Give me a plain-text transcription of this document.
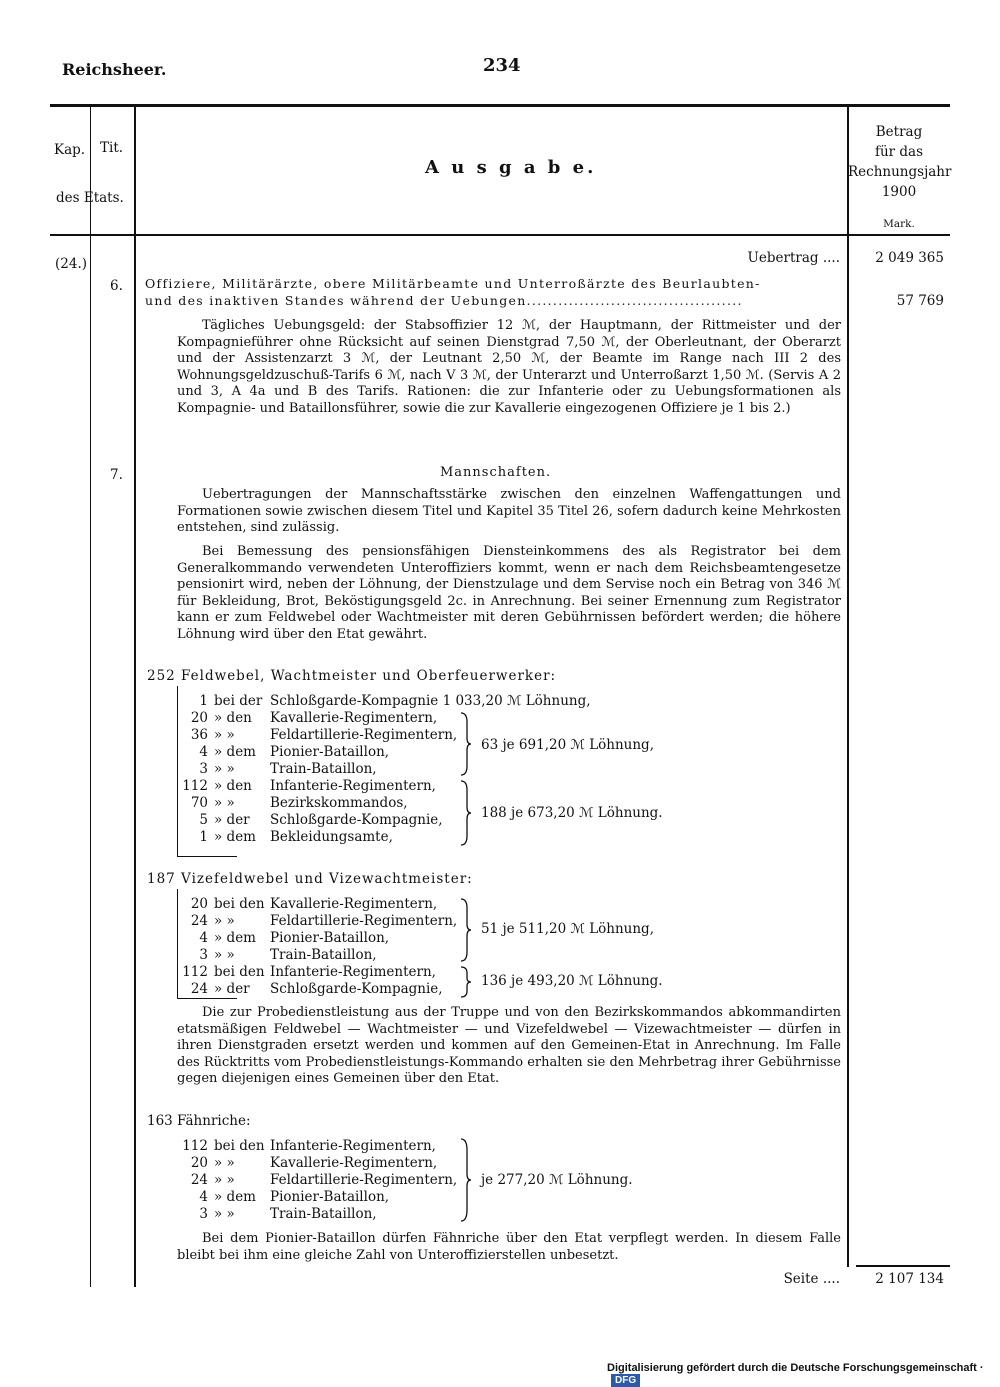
Reichsheer.	234
Kap. Tit.
des Etats.
A u s g a b e.
Betrag
für das
Rechnungsjahr
1900
Mark.
(24.)	Uebertrag ....	2 049 365
6. Offiziere, Militärärzte, obere Militärbeamte und Unterroßärzte des Beurlaubten-
und des inaktiven Standes während der Uebungen.........................................	57 769
Tägliches Uebungsgeld: der Stabsoffizier 12 ℳ, der Hauptmann, der Rittmeister und der Kompagnieführer ohne Rücksicht auf seinen Dienstgrad 7,50 ℳ, der Oberleutnant, der Oberarzt und der Assistenzarzt 3 ℳ, der Leutnant 2,50 ℳ, der Beamte im Range nach III 2 des Wohnungsgeldzuschuß-Tarifs 6 ℳ, nach V 3 ℳ, der Unterarzt und Unterroßarzt 1,50 ℳ. (Servis A 2 und 3, A 4a und B des Tarifs. Rationen: die zur Infanterie oder zu Uebungsformationen als Kompagnie- und Bataillonsführer, sowie die zur Kavallerie eingezogenen Offiziere je 1 bis 2.)
7.	Mannschaften.
Uebertragungen der Mannschaftsstärke zwischen den einzelnen Waffengattungen und Formationen sowie zwischen diesem Titel und Kapitel 35 Titel 26, sofern dadurch keine Mehrkosten entstehen, sind zulässig.
Bei Bemessung des pensionsfähigen Diensteinkommens des als Registrator bei dem Generalkommando verwendeten Unteroffiziers kommt, wenn er nach dem Reichsbeamtengesetze pensionirt wird, neben der Löhnung, der Dienstzulage und dem Servise noch ein Betrag von 346 ℳ für Bekleidung, Brot, Beköstigungsgeld 2c. in Anrechnung. Bei seiner Ernennung zum Registrator kann er zum Feldwebel oder Wachtmeister mit deren Gebührnissen befördert werden; die höhere Löhnung wird über den Etat gewährt.
252 Feldwebel, Wachtmeister und Oberfeuerwerker:
1 bei der Schloßgarde-Kompagnie 1 033,20 ℳ Löhnung,
20 » den Kavallerie-Regimentern,
36 » »	Feldartillerie-Regimentern,
4 » dem Pionier-Bataillon,
3 » »	Train-Bataillon,
112 » den Infanterie-Regimentern,
70 » »	Bezirkskommandos,
5 » der Schloßgarde-Kompagnie,
1 » dem Bekleidungsamte,
63 je 691,20 ℳ Löhnung,
188 je 673,20 ℳ Löhnung.
187 Vizefeldwebel und Vizewachtmeister:
20 bei den Kavallerie-Regimentern,
24 » »	Feldartillerie-Regimentern,
4 » dem Pionier-Bataillon,
3 » »	Train-Bataillon,
112 bei den Infanterie-Regimentern,
24 » der Schloßgarde-Kompagnie,
51 je 511,20 ℳ Löhnung,
136 je 493,20 ℳ Löhnung.
Die zur Probedienstleistung aus der Truppe und von den Bezirkskommandos abkommandirten etatsmäßigen Feldwebel — Wachtmeister — und Vizefeldwebel — Vizewachtmeister — dürfen in ihren Dienstgraden ersetzt werden und kommen auf den Gemeinen-Etat in Anrechnung. Im Falle des Rücktritts vom Probedienstleistungs-Kommando erhalten sie den Mehrbetrag ihrer Gebührnisse gegen diejenigen eines Gemeinen über den Etat.
163 Fähnriche:
112 bei den Infanterie-Regimentern,
20 » »	Kavallerie-Regimentern,
24 » »	Feldartillerie-Regimentern,
4 » dem Pionier-Bataillon,
3 » »	Train-Bataillon,
je 277,20 ℳ Löhnung.
Bei dem Pionier-Bataillon dürfen Fähnriche über den Etat verpflegt werden. In diesem Falle bleibt bei ihm eine gleiche Zahl von Unteroffizierstellen unbesetzt.
Seite ....	2 107 134
Digitalisierung gefördert durch die Deutsche Forschungsgemeinschaft ·DFG
